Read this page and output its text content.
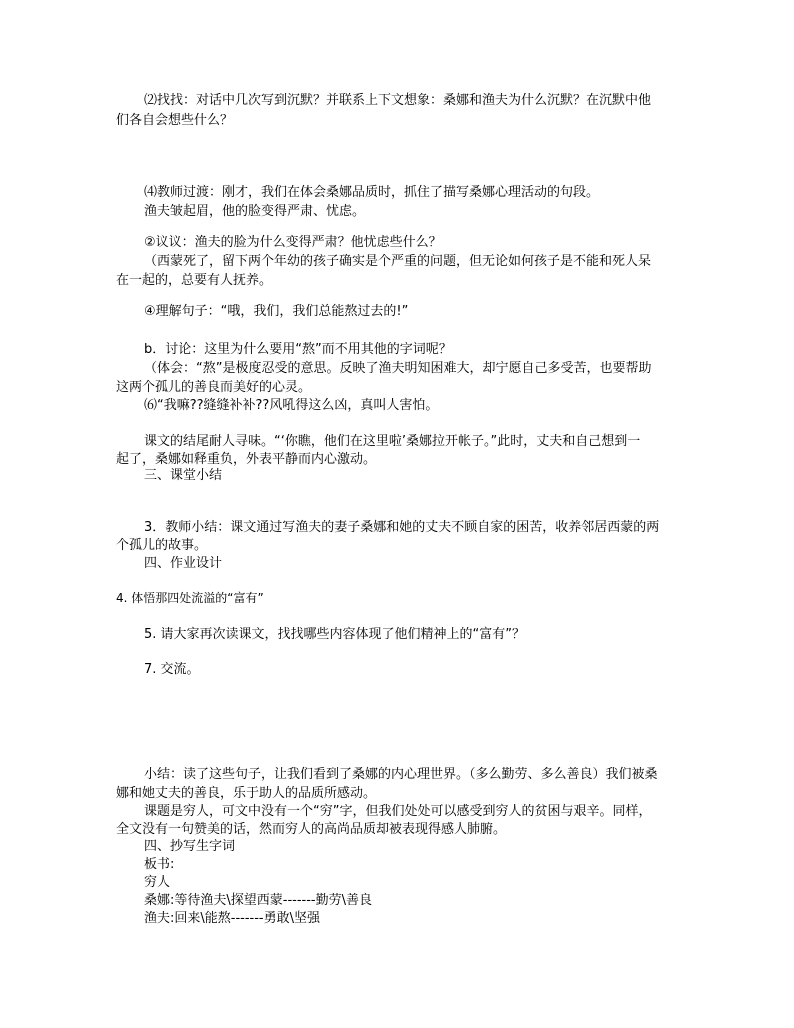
⑵找找：对话中几次写到沉默？并联系上下文想象：桑娜和渔夫为什么沉默？在沉默中他
们各自会想些什么？
⑷教师过渡：刚才，我们在体会桑娜品质时，抓住了描写桑娜心理活动的句段。
渔夫皱起眉，他的脸变得严肃、忧虑。
②议议：渔夫的脸为什么变得严肃？他忧虑些什么？
（西蒙死了，留下两个年幼的孩子确实是个严重的问题，但无论如何孩子是不能和死人呆
在一起的，总要有人抚养。
④理解句子：“哦，我们，我们总能熬过去的!”
b．讨论：这里为什么要用“熬”而不用其他的字词呢？
（体会：“熬”是极度忍受的意思。反映了渔夫明知困难大，却宁愿自己多受苦，也要帮助
这两个孤儿的善良而美好的心灵。
⑹“我嘛??缝缝补补??风吼得这么凶，真叫人害怕。
课文的结尾耐人寻味。“‘你瞧，他们在这里啦’桑娜拉开帐子。”此时，丈夫和自己想到一
起了，桑娜如释重负，外表平静而内心激动。
三、课堂小结
3．教师小结：课文通过写渔夫的妻子桑娜和她的丈夫不顾自家的困苦，收养邻居西蒙的两
个孤儿的故事。
四、作业设计
4. 体悟那四处流溢的“富有”
5. 请大家再次读课文，找找哪些内容体现了他们精神上的“富有”？
7. 交流。
小结：读了这些句子，让我们看到了桑娜的内心理世界。（多么勤劳、多么善良）我们被桑
娜和她丈夫的善良，乐于助人的品质所感动。
课题是穷人，可文中没有一个“穷”字，但我们处处可以感受到穷人的贫困与艰辛。同样，
全文没有一句赞美的话，然而穷人的高尚品质却被表现得感人肺腑。
四、抄写生字词
板书:
穷人
桑娜:等待渔夫\探望西蒙-------勤劳\善良
渔夫:回来\能熬-------勇敢\坚强
